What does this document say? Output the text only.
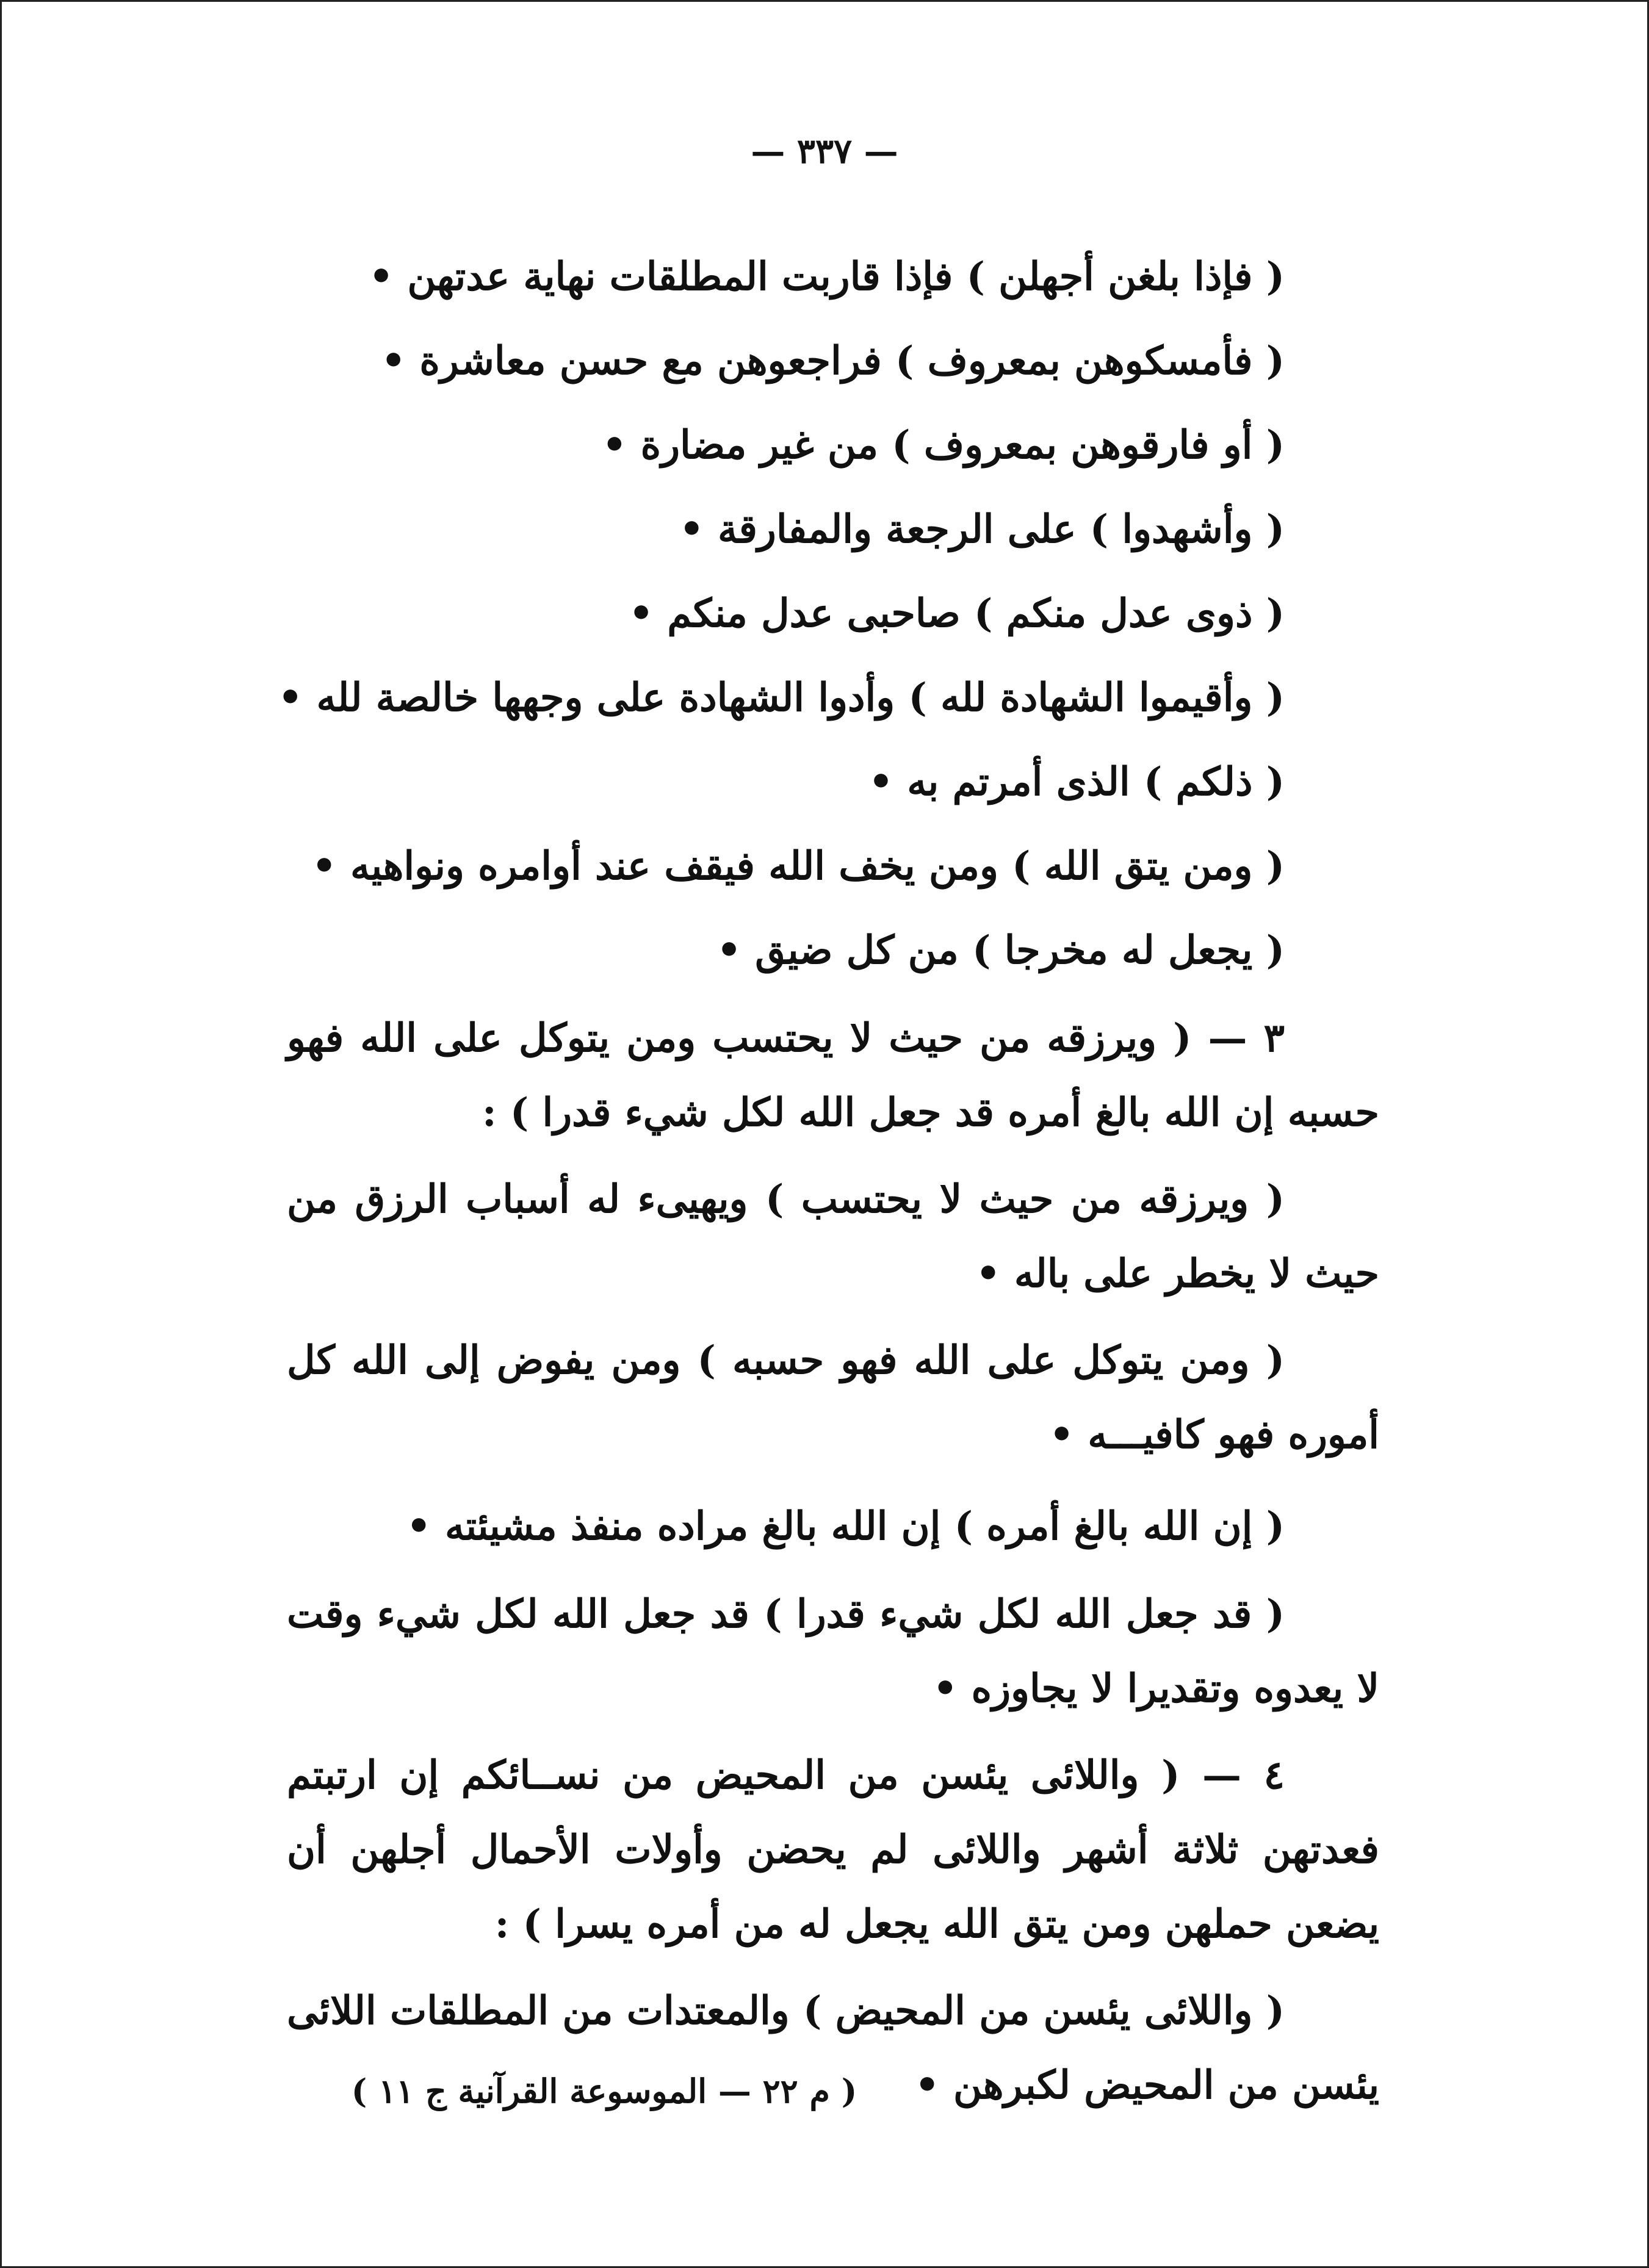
— ٣٣٧ —
( فإذا بلغن أجهلن ) فإذا قاربت المطلقات نهاية عدتهن •
( فأمسكوهن بمعروف ) فراجعوهن مع حسن معاشرة •
( أو فارقوهن بمعروف ) من غير مضارة •
( وأشهدوا ) على الرجعة والمفارقة •
( ذوى عدل منكم ) صاحبى عدل منكم •
( وأقيموا الشهادة لله ) وأدوا الشهادة على وجهها خالصة لله •
( ذلكم ) الذى أمرتم به •
( ومن يتق الله ) ومن يخف الله فيقف عند أوامره ونواهيه •
( يجعل له مخرجا ) من كل ضيق •
٣ — ( ويرزقه من حيث لا يحتسب ومن يتوكل على الله فهو حسبه إن الله بالغ أمره قد جعل الله لكل شيء قدرا ) :
( ويرزقه من حيث لا يحتسب ) ويهيىء له أسباب الرزق من حيث لا يخطر على باله •
( ومن يتوكل على الله فهو حسبه ) ومن يفوض إلى الله كل أموره فهو كافيـــه •
( إن الله بالغ أمره ) إن الله بالغ مراده منفذ مشيئته •
( قد جعل الله لكل شيء قدرا ) قد جعل الله لكل شيء وقت لا يعدوه وتقديرا لا يجاوزه •
٤ — ( واللائى يئسن من المحيض من نســائكم إن ارتبتم فعدتهن ثلاثة أشهر واللائى لم يحضن وأولات الأحمال أجلهن أن يضعن حملهن ومن يتق الله يجعل له من أمره يسرا ) :
( واللائى يئسن من المحيض ) والمعتدات من المطلقات اللائى يئسن من المحيض لكبرهن •
( م ٢٢ — الموسوعة القرآنية ج ١١ )
